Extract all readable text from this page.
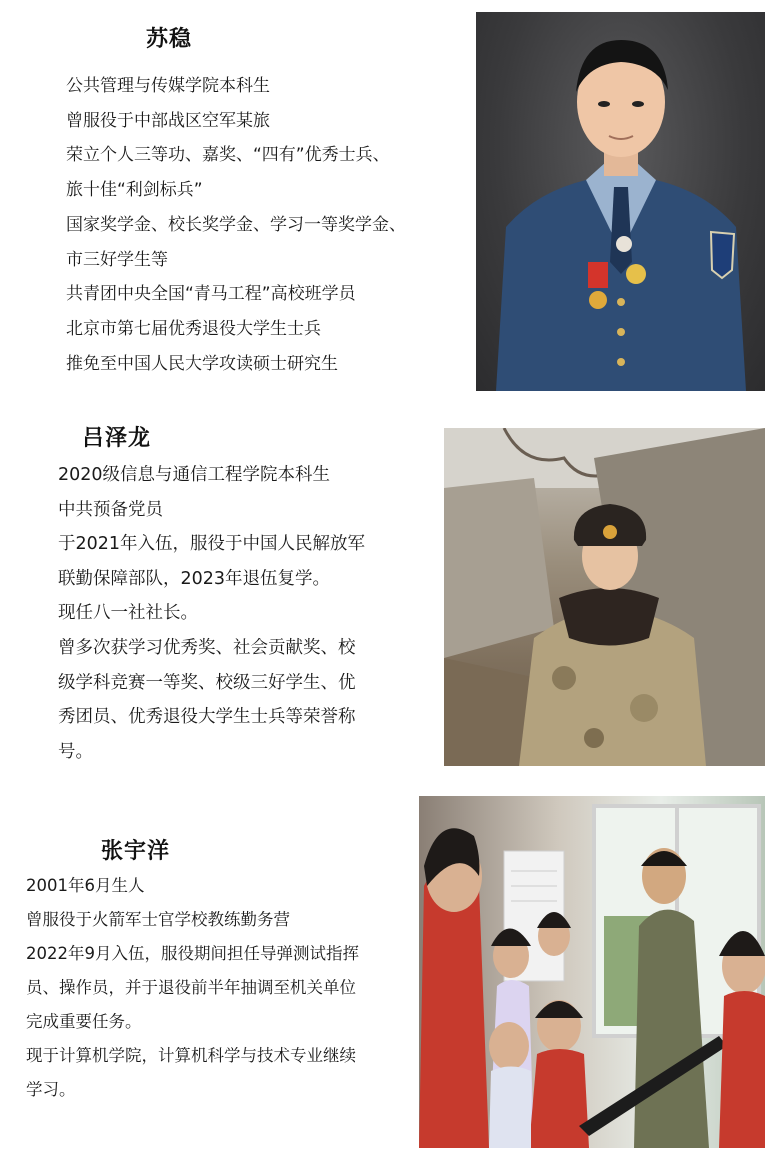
苏稳
公共管理与传媒学院本科生
曾服役于中部战区空军某旅
荣立个人三等功、嘉奖、“四有”优秀士兵、
旅十佳“利剑标兵”
国家奖学金、校长奖学金、学习一等奖学金、
市三好学生等
共青团中央全国“青马工程”高校班学员
北京市第七届优秀退役大学生士兵
推免至中国人民大学攻读硕士研究生
吕泽龙
2020级信息与通信工程学院本科生
中共预备党员
于2021年入伍，服役于中国人民解放军
联勤保障部队，2023年退伍复学。
现任八一社社长。
曾多次获学习优秀奖、社会贡献奖、校
级学科竞赛一等奖、校级三好学生、优
秀团员、优秀退役大学生士兵等荣誉称
号。
张宇洋
2001年6月生人
曾服役于火箭军士官学校教练勤务营
2022年9月入伍，服役期间担任导弹测试指挥
员、操作员，并于退役前半年抽调至机关单位
完成重要任务。
现于计算机学院，计算机科学与技术专业继续
学习。
